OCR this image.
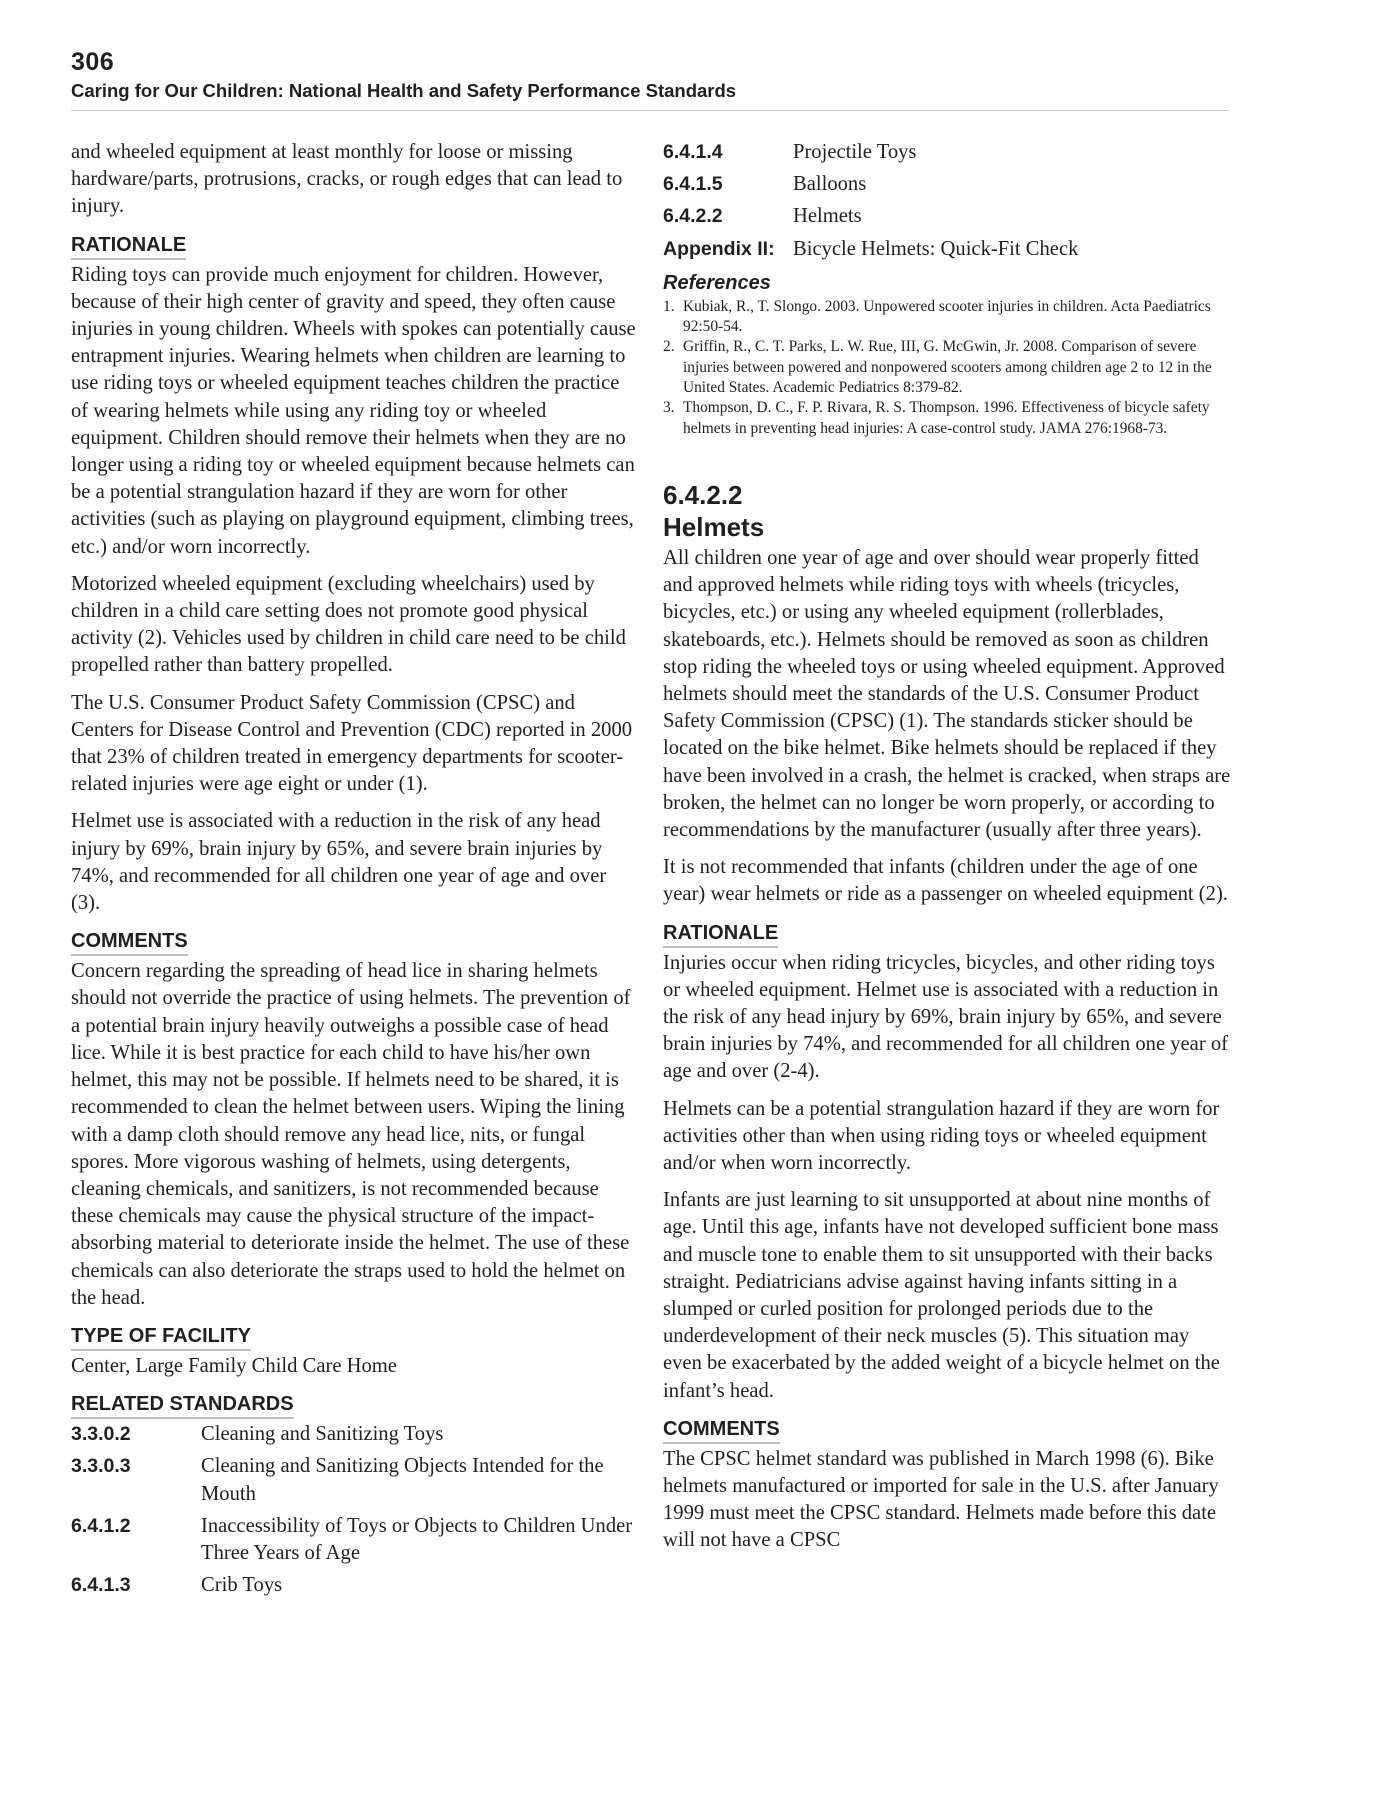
306
Caring for Our Children: National Health and Safety Performance Standards

and wheeled equipment at least monthly for loose or missing hardware/parts, protrusions, cracks, or rough edges that can lead to injury.

RATIONALE

Riding toys can provide much enjoyment for children. However, because of their high center of gravity and speed, they often cause injuries in young children. Wheels with spokes can potentially cause entrapment injuries. Wearing helmets when children are learning to use riding toys or wheeled equipment teaches children the practice of wearing helmets while using any riding toy or wheeled equipment. Children should remove their helmets when they are no longer using a riding toy or wheeled equipment because helmets can be a potential strangulation hazard if they are worn for other activities (such as playing on playground equipment, climbing trees, etc.) and/or worn incorrectly.

Motorized wheeled equipment (excluding wheelchairs) used by children in a child care setting does not promote good physical activity (2). Vehicles used by children in child care need to be child propelled rather than battery propelled.

The U.S. Consumer Product Safety Commission (CPSC) and Centers for Disease Control and Prevention (CDC) reported in 2000 that 23% of children treated in emergency departments for scooter-related injuries were age eight or under (1).

Helmet use is associated with a reduction in the risk of any head injury by 69%, brain injury by 65%, and severe brain injuries by 74%, and recommended for all children one year of age and over (3).

COMMENTS

Concern regarding the spreading of head lice in sharing helmets should not override the practice of using helmets. The prevention of a potential brain injury heavily outweighs a possible case of head lice. While it is best practice for each child to have his/her own helmet, this may not be possible. If helmets need to be shared, it is recommended to clean the helmet between users. Wiping the lining with a damp cloth should remove any head lice, nits, or fungal spores. More vigorous washing of helmets, using detergents, cleaning chemicals, and sanitizers, is not recommended because these chemicals may cause the physical structure of the impact-absorbing material to deteriorate inside the helmet. The use of these chemicals can also deteriorate the straps used to hold the helmet on the head.

TYPE OF FACILITY

Center, Large Family Child Care Home

RELATED STANDARDS
3.3.0.2	Cleaning and Sanitizing Toys
3.3.0.3	Cleaning and Sanitizing Objects Intended for the Mouth
6.4.1.2	Inaccessibility of Toys or Objects to Children Under Three Years of Age
6.4.1.3	Crib Toys
6.4.1.4	Projectile Toys
6.4.1.5	Balloons
6.4.2.2	Helmets
Appendix II: Bicycle Helmets: Quick-Fit Check
References
1. Kubiak, R., T. Slongo. 2003. Unpowered scooter injuries in children. Acta Paediatrics 92:50-54.
2. Griffin, R., C. T. Parks, L. W. Rue, III, G. McGwin, Jr. 2008. Comparison of severe injuries between powered and nonpowered scooters among children age 2 to 12 in the United States. Academic Pediatrics 8:379-82.
3. Thompson, D. C., F. P. Rivara, R. S. Thompson. 1996. Effectiveness of bicycle safety helmets in preventing head injuries: A case-control study. JAMA 276:1968-73.
6.4.2.2
Helmets

All children one year of age and over should wear properly fitted and approved helmets while riding toys with wheels (tricycles, bicycles, etc.) or using any wheeled equipment (rollerblades, skateboards, etc.). Helmets should be removed as soon as children stop riding the wheeled toys or using wheeled equipment. Approved helmets should meet the standards of the U.S. Consumer Product Safety Commission (CPSC) (1). The standards sticker should be located on the bike helmet. Bike helmets should be replaced if they have been involved in a crash, the helmet is cracked, when straps are broken, the helmet can no longer be worn properly, or according to recommendations by the manufacturer (usually after three years).

It is not recommended that infants (children under the age of one year) wear helmets or ride as a passenger on wheeled equipment (2).

RATIONALE

Injuries occur when riding tricycles, bicycles, and other riding toys or wheeled equipment. Helmet use is associated with a reduction in the risk of any head injury by 69%, brain injury by 65%, and severe brain injuries by 74%, and recommended for all children one year of age and over (2-4).

Helmets can be a potential strangulation hazard if they are worn for activities other than when using riding toys or wheeled equipment and/or when worn incorrectly.

Infants are just learning to sit unsupported at about nine months of age. Until this age, infants have not developed sufficient bone mass and muscle tone to enable them to sit unsupported with their backs straight. Pediatricians advise against having infants sitting in a slumped or curled position for prolonged periods due to the underdevelopment of their neck muscles (5). This situation may even be exacerbated by the added weight of a bicycle helmet on the infant’s head.

COMMENTS

The CPSC helmet standard was published in March 1998 (6). Bike helmets manufactured or imported for sale in the U.S. after January 1999 must meet the CPSC standard. Helmets made before this date will not have a CPSC
